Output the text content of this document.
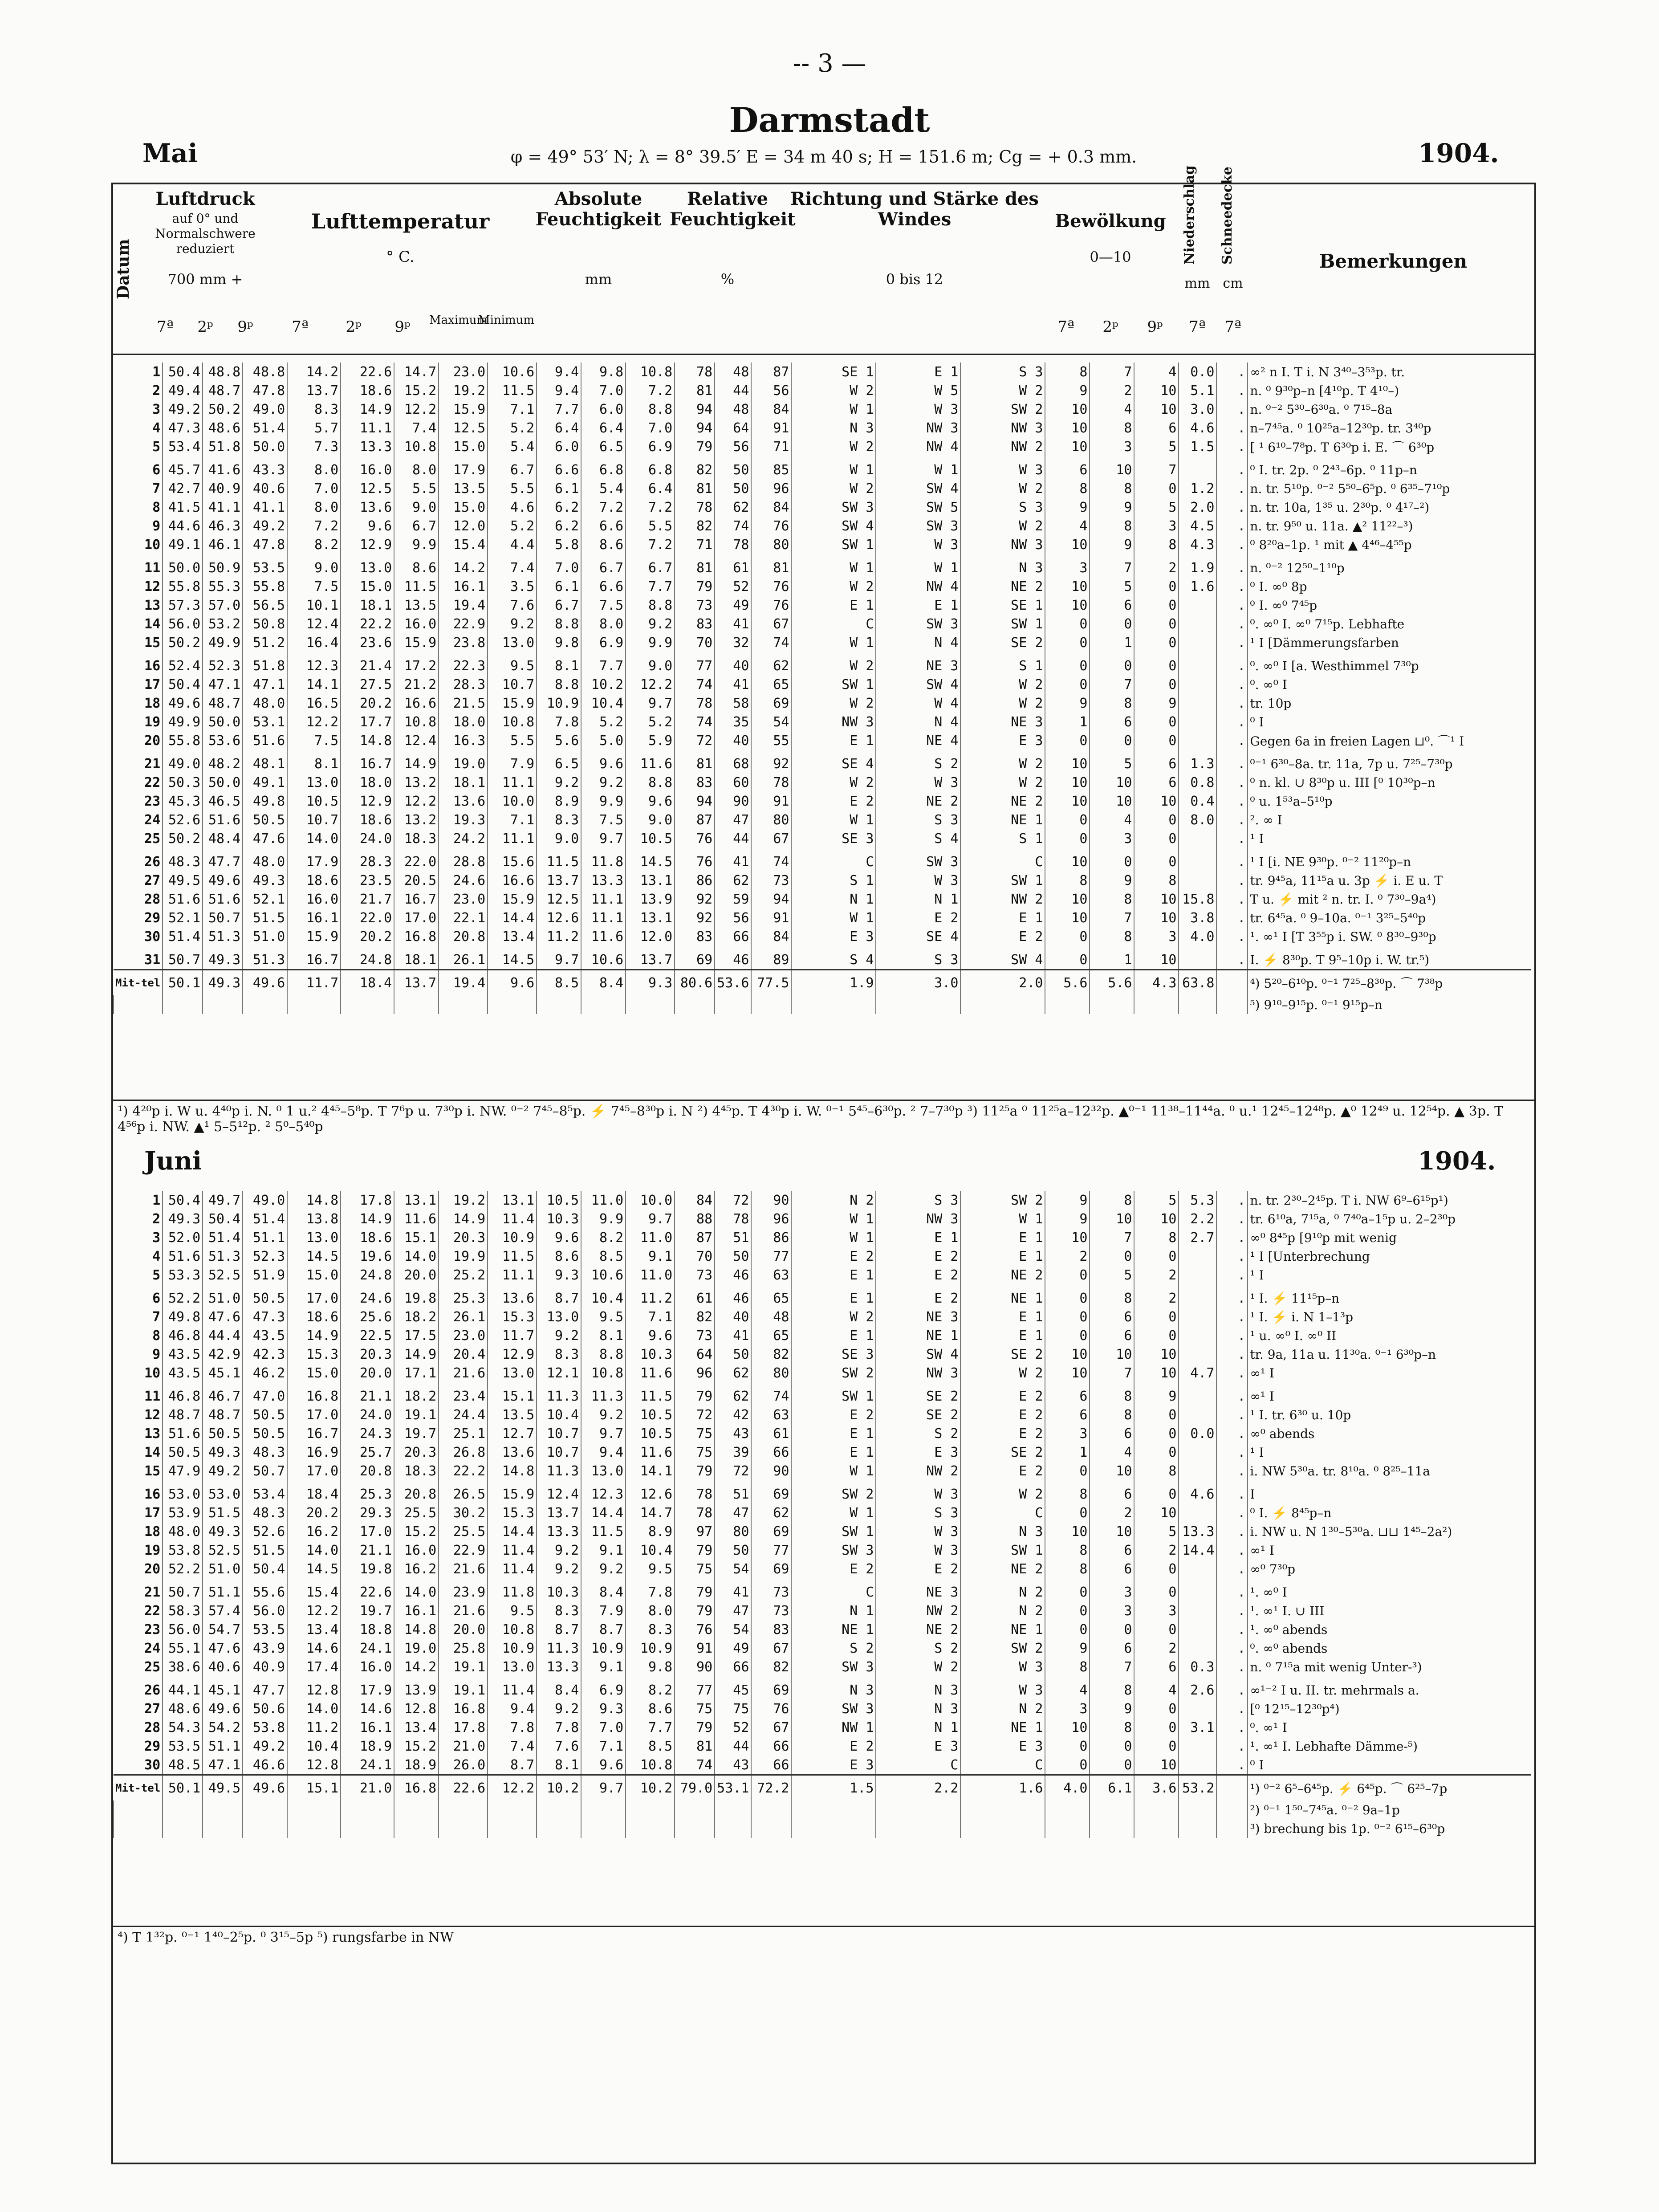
-- 3 —
Darmstadt
Mai	φ = 49° 53′ N; λ = 8° 39.5′ E = 34 m 40 s; H = 151.6 m; Cg = + 0.3 mm.	1904.
Datum
Luftdruck
auf 0° und Normalschwere reduziert
700 mm +
Lufttemperatur
° C.
Absolute Feuchtigkeit
mm
Relative Feuchtigkeit
%
Richtung und Stärke des Windes
0 bis 12
Bewölkung
0—10	Niederschlag
mm
Schneedecke
cm
Bemerkungen
7ª	2ᵖ	9ᵖ	7ª	2ᵖ	9ᵖ	Maximum
Minimum	7ª	2ᵖ	9ᵖ	7ª	7ª
1	50.4	48.8	48.8	14.2	22.6	14.7	23.0	10.6	9.4	9.8	10.8	78	48	87	SE 1	E 1	S 3	8	7	4	0.0	.	∞² n I. T i. N 3⁴⁰–3⁵³p. tr.
2	49.4	48.7	47.8	13.7	18.6	15.2	19.2	11.5	9.4	7.0	7.2	81	44	56	W 2	W 5	W 2	9	2	10	5.1	.	n. ⁰ 9³⁰p–n [4¹⁰p. T 4¹⁰–)
3	49.2	50.2	49.0	8.3	14.9	12.2	15.9	7.1	7.7	6.0	8.8	94	48	84	W 1	W 3	SW 2	10	4	10	3.0	.	n. ⁰⁻² 5³⁰–6³⁰a. ⁰ 7¹⁵–8a
4	47.3	48.6	51.4	5.7	11.1	7.4	12.5	5.2	6.4	6.4	7.0	94	64	91	N 3	NW 3	NW 3	10	8	6	4.6	.	n–7⁴⁵a. ⁰ 10²⁵a–12³⁰p. tr. 3⁴⁰p
5	53.4	51.8	50.0	7.3	13.3	10.8	15.0	5.4	6.0	6.5	6.9	79	56	71	W 2	NW 4	NW 2	10	3	5	1.5	.	[ ¹ 6¹⁰–7⁸p. T 6³⁰p i. E. ⌒ 6³⁰p
6	45.7	41.6	43.3	8.0	16.0	8.0	17.9	6.7	6.6	6.8	6.8	82	50	85	W 1	W 1	W 3	6	10	7		.	⁰ I. tr. 2p. ⁰ 2⁴³–6p. ⁰ 11p–n
7	42.7	40.9	40.6	7.0	12.5	5.5	13.5	5.5	6.1	5.4	6.4	81	50	96	W 2	SW 4	W 2	8	8	0	1.2	.	n. tr. 5¹⁰p. ⁰⁻² 5⁵⁰–6⁵p. ⁰ 6³⁵–7¹⁰p
8	41.5	41.1	41.1	8.0	13.6	9.0	15.0	4.6	6.2	7.2	7.2	78	62	84	SW 3	SW 5	S 3	9	9	5	2.0	.	n. tr. 10a, 1³⁵ u. 2³⁰p. ⁰ 4¹⁷–²)
9	44.6	46.3	49.2	7.2	9.6	6.7	12.0	5.2	6.2	6.6	5.5	82	74	76	SW 4	SW 3	W 2	4	8	3	4.5	.	n. tr. 9⁵⁰ u. 11a. ▲² 11²²–³)
10	49.1	46.1	47.8	8.2	12.9	9.9	15.4	4.4	5.8	8.6	7.2	71	78	80	SW 1	W 3	NW 3	10	9	8	4.3	.	⁰ 8²⁰a–1p. ¹ mit ▲ 4⁴⁶–4⁵⁵p
11	50.0	50.9	53.5	9.0	13.0	8.6	14.2	7.4	7.0	6.7	6.7	81	61	81	W 1	W 1	N 3	3	7	2	1.9	.	n. ⁰⁻² 12⁵⁰–1¹⁰p
12	55.8	55.3	55.8	7.5	15.0	11.5	16.1	3.5	6.1	6.6	7.7	79	52	76	W 2	NW 4	NE 2	10	5	0	1.6	.	⁰ I. ∞⁰ 8p
13	57.3	57.0	56.5	10.1	18.1	13.5	19.4	7.6	6.7	7.5	8.8	73	49	76	E 1	E 1	SE 1	10	6	0		.	⁰ I. ∞⁰ 7⁴⁵p
14	56.0	53.2	50.8	12.4	22.2	16.0	22.9	9.2	8.8	8.0	9.2	83	41	67	C	SW 3	SW 1	0	0	0		.	⁰. ∞⁰ I. ∞⁰ 7¹⁵p. Lebhafte
15	50.2	49.9	51.2	16.4	23.6	15.9	23.8	13.0	9.8	6.9	9.9	70	32	74	W 1	N 4	SE 2	0	1	0		.	¹ I [Dämmerungsfarben
16	52.4	52.3	51.8	12.3	21.4	17.2	22.3	9.5	8.1	7.7	9.0	77	40	62	W 2	NE 3	S 1	0	0	0		.	⁰. ∞⁰ I [a. Westhimmel 7³⁰p
17	50.4	47.1	47.1	14.1	27.5	21.2	28.3	10.7	8.8	10.2	12.2	74	41	65	SW 1	SW 4	W 2	0	7	0		.	⁰. ∞⁰ I
18	49.6	48.7	48.0	16.5	20.2	16.6	21.5	15.9	10.9	10.4	9.7	78	58	69	W 2	W 4	W 2	9	8	9		.	tr. 10p
19	49.9	50.0	53.1	12.2	17.7	10.8	18.0	10.8	7.8	5.2	5.2	74	35	54	NW 3	N 4	NE 3	1	6	0		.	⁰ I
20	55.8	53.6	51.6	7.5	14.8	12.4	16.3	5.5	5.6	5.0	5.9	72	40	55	E 1	NE 4	E 3	0	0	0		.	Gegen 6a in freien Lagen ⊔⁰. ⌒¹ I
21	49.0	48.2	48.1	8.1	16.7	14.9	19.0	7.9	6.5	9.6	11.6	81	68	92	SE 4	S 2	W 2	10	5	6	1.3	.	⁰⁻¹ 6³⁰–8a. tr. 11a, 7p u. 7²⁵–7³⁰p
22	50.3	50.0	49.1	13.0	18.0	13.2	18.1	11.1	9.2	9.2	8.8	83	60	78	W 2	W 3	W 2	10	10	6	0.8	.	⁰ n. kl. ∪ 8³⁰p u. III [⁰ 10³⁰p–n
23	45.3	46.5	49.8	10.5	12.9	12.2	13.6	10.0	8.9	9.9	9.6	94	90	91	E 2	NE 2	NE 2	10	10	10	0.4	.	⁰ u. 1⁵³a–5¹⁰p
24	52.6	51.6	50.5	10.7	18.6	13.2	19.3	7.1	8.3	7.5	9.0	87	47	80	W 1	S 3	NE 1	0	4	0	8.0	.	². ∞ I
25	50.2	48.4	47.6	14.0	24.0	18.3	24.2	11.1	9.0	9.7	10.5	76	44	67	SE 3	S 4	S 1	0	3	0		.	¹ I
26	48.3	47.7	48.0	17.9	28.3	22.0	28.8	15.6	11.5	11.8	14.5	76	41	74	C	SW 3	C	10	0	0		.	¹ I [i. NE 9³⁰p. ⁰⁻² 11²⁰p–n
27	49.5	49.6	49.3	18.6	23.5	20.5	24.6	16.6	13.7	13.3	13.1	86	62	73	S 1	W 3	SW 1	8	9	8		.	tr. 9⁴⁵a, 11¹⁵a u. 3p ⚡ i. E u. T
28	51.6	51.6	52.1	16.0	21.7	16.7	23.0	15.9	12.5	11.1	13.9	92	59	94	N 1	N 1	NW 2	10	8	10	15.8	.	T u. ⚡ mit ² n. tr. I. ⁰ 7³⁰–9a⁴)
29	52.1	50.7	51.5	16.1	22.0	17.0	22.1	14.4	12.6	11.1	13.1	92	56	91	W 1	E 2	E 1	10	7	10	3.8	.	tr. 6⁴⁵a. ⁰ 9–10a. ⁰⁻¹ 3²⁵–5⁴⁰p
30	51.4	51.3	51.0	15.9	20.2	16.8	20.8	13.4	11.2	11.6	12.0	83	66	84	E 3	SE 4	E 2	0	8	3	4.0	.	¹. ∞¹ I [T 3⁵⁵p i. SW. ⁰ 8³⁰–9³⁰p
31	50.7	49.3	51.3	16.7	24.8	18.1	26.1	14.5	9.7	10.6	13.7	69	46	89	S 4	S 3	SW 4	0	1	10		.	I. ⚡ 8³⁰p. T 9⁵–10p i. W. tr.⁵)
Mit-tel	50.1	49.3	49.6	11.7	18.4	13.7	19.4	9.6	8.5	8.4	9.3	80.6	53.6	77.5	1.9	3.0	2.0	5.6	5.6	4.3	63.8		⁴) 5²⁰–6¹⁰p. ⁰⁻¹ 7²⁵–8³⁰p. ⌒ 7³⁸p
																							⁵) 9¹⁰–9¹⁵p. ⁰⁻¹ 9¹⁵p–n
¹) 4²⁰p i. W u. 4⁴⁰p i. N. ⁰ 1 u.² 4⁴⁵–5⁸p. T 7⁶p u. 7³⁰p i. NW. ⁰⁻² 7⁴⁵–8⁵p. ⚡ 7⁴⁵–8³⁰p i. N ²) 4⁴⁵p. T 4³⁰p i. W. ⁰⁻¹ 5⁴⁵–6³⁰p. ² 7–7³⁰p ³) 11²⁵a ⁰ 11²⁵a–12³²p. ▲⁰⁻¹ 11³⁸–11⁴⁴a. ⁰ u.¹ 12⁴⁵–12⁴⁸p. ▲⁰ 12⁴⁹ u. 12⁵⁴p. ▲ 3p. T 4⁵⁶p i. NW. ▲¹ 5–5¹²p. ² 5⁰–5⁴⁰p
Juni	1904.
1	50.4	49.7	49.0	14.8	17.8	13.1	19.2	13.1	10.5	11.0	10.0	84	72	90	N 2	S 3	SW 2	9	8	5	5.3	.	n. tr. 2³⁰–2⁴⁵p. T i. NW 6⁹–6¹⁵p¹)
2	49.3	50.4	51.4	13.8	14.9	11.6	14.9	11.4	10.3	9.9	9.7	88	78	96	W 1	NW 3	W 1	9	10	10	2.2	.	tr. 6¹⁰a, 7¹⁵a, ⁰ 7⁴⁰a–1⁵p u. 2–2³⁰p
3	52.0	51.4	51.1	13.0	18.6	15.1	20.3	10.9	9.6	8.2	11.0	87	51	86	W 1	E 1	E 1	10	7	8	2.7	.	∞⁰ 8⁴⁵p [9¹⁰p mit wenig
4	51.6	51.3	52.3	14.5	19.6	14.0	19.9	11.5	8.6	8.5	9.1	70	50	77	E 2	E 2	E 1	2	0	0		.	¹ I [Unterbrechung
5	53.3	52.5	51.9	15.0	24.8	20.0	25.2	11.1	9.3	10.6	11.0	73	46	63	E 1	E 2	NE 2	0	5	2		.	¹ I
6	52.2	51.0	50.5	17.0	24.6	19.8	25.3	13.6	8.7	10.4	11.2	61	46	65	E 1	E 2	NE 1	0	8	2		.	¹ I. ⚡ 11¹⁵p–n
7	49.8	47.6	47.3	18.6	25.6	18.2	26.1	15.3	13.0	9.5	7.1	82	40	48	W 2	NE 3	E 1	0	6	0		.	¹ I. ⚡ i. N 1–1³p
8	46.8	44.4	43.5	14.9	22.5	17.5	23.0	11.7	9.2	8.1	9.6	73	41	65	E 1	NE 1	E 1	0	6	0		.	¹ u. ∞⁰ I. ∞⁰ II
9	43.5	42.9	42.3	15.3	20.3	14.9	20.4	12.9	8.3	8.8	10.3	64	50	82	SE 3	SW 4	SE 2	10	10	10		.	tr. 9a, 11a u. 11³⁰a. ⁰⁻¹ 6³⁰p–n
10	43.5	45.1	46.2	15.0	20.0	17.1	21.6	13.0	12.1	10.8	11.6	96	62	80	SW 2	NW 3	W 2	10	7	10	4.7	.	∞¹ I
11	46.8	46.7	47.0	16.8	21.1	18.2	23.4	15.1	11.3	11.3	11.5	79	62	74	SW 1	SE 2	E 2	6	8	9		.	∞¹ I
12	48.7	48.7	50.5	17.0	24.0	19.1	24.4	13.5	10.4	9.2	10.5	72	42	63	E 2	SE 2	E 2	6	8	0		.	¹ I. tr. 6³⁰ u. 10p
13	51.6	50.5	50.5	16.7	24.3	19.7	25.1	12.7	10.7	9.7	10.5	75	43	61	E 1	S 2	E 2	3	6	0	0.0	.	∞⁰ abends
14	50.5	49.3	48.3	16.9	25.7	20.3	26.8	13.6	10.7	9.4	11.6	75	39	66	E 1	E 3	SE 2	1	4	0		.	¹ I
15	47.9	49.2	50.7	17.0	20.8	18.3	22.2	14.8	11.3	13.0	14.1	79	72	90	W 1	NW 2	E 2	0	10	8		.	i. NW 5³⁰a. tr. 8¹⁰a. ⁰ 8²⁵–11a
16	53.0	53.0	53.4	18.4	25.3	20.8	26.5	15.9	12.4	12.3	12.6	78	51	69	SW 2	W 3	W 2	8	6	0	4.6	.	I
17	53.9	51.5	48.3	20.2	29.3	25.5	30.2	15.3	13.7	14.4	14.7	78	47	62	W 1	S 3	C	0	2	10		.	⁰ I. ⚡ 8⁴⁵p–n
18	48.0	49.3	52.6	16.2	17.0	15.2	25.5	14.4	13.3	11.5	8.9	97	80	69	SW 1	W 3	N 3	10	10	5	13.3	.	i. NW u. N 1³⁰–5³⁰a. ⊔⊔ 1⁴⁵–2a²)
19	53.8	52.5	51.5	14.0	21.1	16.0	22.9	11.4	9.2	9.1	10.4	79	50	77	SW 3	W 3	SW 1	8	6	2	14.4	.	∞¹ I
20	52.2	51.0	50.4	14.5	19.8	16.2	21.6	11.4	9.2	9.2	9.5	75	54	69	E 2	E 2	NE 2	8	6	0		.	∞⁰ 7³⁰p
21	50.7	51.1	55.6	15.4	22.6	14.0	23.9	11.8	10.3	8.4	7.8	79	41	73	C	NE 3	N 2	0	3	0		.	¹. ∞⁰ I
22	58.3	57.4	56.0	12.2	19.7	16.1	21.6	9.5	8.3	7.9	8.0	79	47	73	N 1	NW 2	N 2	0	3	3		.	¹. ∞¹ I. ∪ III
23	56.0	54.7	53.5	13.4	18.8	14.8	20.0	10.8	8.7	8.7	8.3	76	54	83	NE 1	NE 2	NE 1	0	0	0		.	¹. ∞⁰ abends
24	55.1	47.6	43.9	14.6	24.1	19.0	25.8	10.9	11.3	10.9	10.9	91	49	67	S 2	S 2	SW 2	9	6	2		.	⁰. ∞⁰ abends
25	38.6	40.6	40.9	17.4	16.0	14.2	19.1	13.0	13.3	9.1	9.8	90	66	82	SW 3	W 2	W 3	8	7	6	0.3	.	n. ⁰ 7¹⁵a mit wenig Unter-³)
26	44.1	45.1	47.7	12.8	17.9	13.9	19.1	11.4	8.4	6.9	8.2	77	45	69	N 3	N 3	W 3	4	8	4	2.6	.	∞¹⁻² I u. II. tr. mehrmals a.
27	48.6	49.6	50.6	14.0	14.6	12.8	16.8	9.4	9.2	9.3	8.6	75	75	76	SW 3	N 3	N 2	3	9	0		.	[⁰ 12¹⁵–12³⁰p⁴)
28	54.3	54.2	53.8	11.2	16.1	13.4	17.8	7.8	7.8	7.0	7.7	79	52	67	NW 1	N 1	NE 1	10	8	0	3.1	.	⁰. ∞¹ I
29	53.5	51.1	49.2	10.4	18.9	15.2	21.0	7.4	7.6	7.1	8.5	81	44	66	E 2	E 3	E 3	0	0	0		.	¹. ∞¹ I. Lebhafte Dämme-⁵)
30	48.5	47.1	46.6	12.8	24.1	18.9	26.0	8.7	8.1	9.6	10.8	74	43	66	E 3	C	C	0	0	10		.	⁰ I
Mit-tel	50.1	49.5	49.6	15.1	21.0	16.8	22.6	12.2	10.2	9.7	10.2	79.0	53.1	72.2	1.5	2.2	1.6	4.0	6.1	3.6	53.2		¹) ⁰⁻² 6⁵–6⁴⁵p. ⚡ 6⁴⁵p. ⌒ 6²⁵–7p
																							²) ⁰⁻¹ 1⁵⁰–7⁴⁵a. ⁰⁻² 9a–1p
																							³) brechung bis 1p. ⁰⁻² 6¹⁵–6³⁰p
⁴) T 1³²p. ⁰⁻¹ 1⁴⁰–2⁵p. ⁰ 3¹⁵–5p ⁵) rungsfarbe in NW
